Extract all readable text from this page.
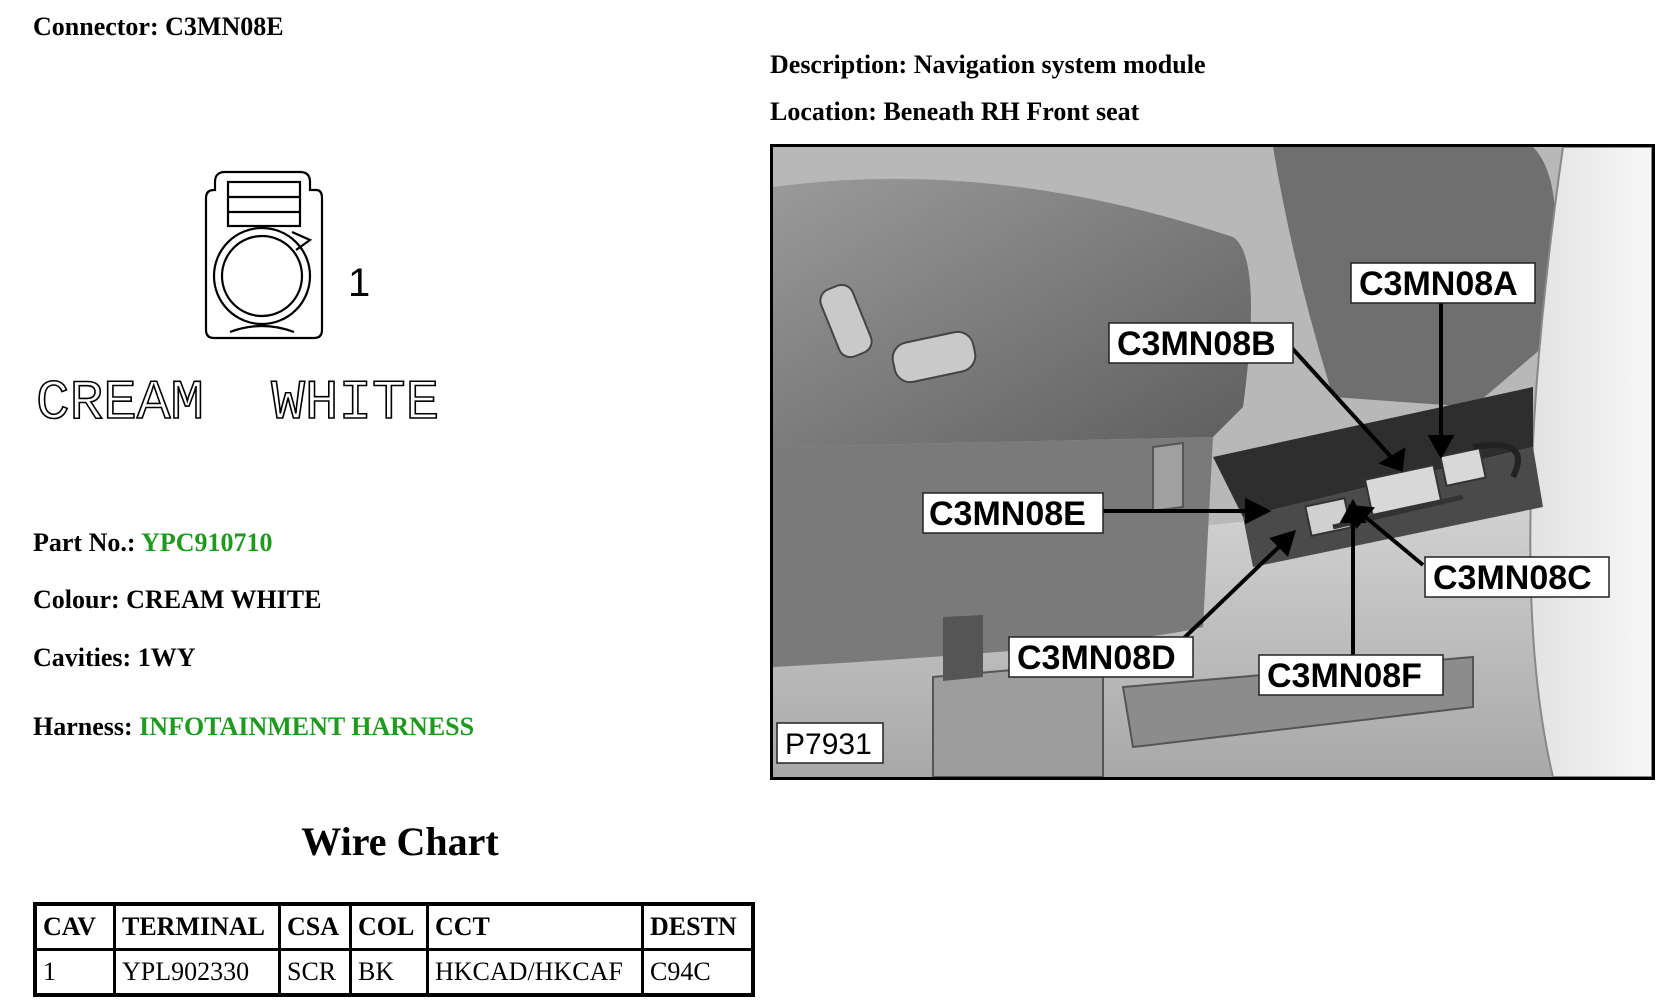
Connector: C3MN08E
Description: Navigation system module
Location: Beneath RH Front seat
1
CREAM  WHITE
Part No.: YPC910710
Colour: CREAM WHITE
Cavities: 1WY
Harness: INFOTAINMENT HARNESS
Wire Chart
CAV	TERMINAL	CSA	COL	CCT	DESTN
1	YPL902330	SCR	BK	HKCAD/HKCAF	C94C
C3MN08A
C3MN08B
C3MN08E
C3MN08C
C3MN08D	C3MN08F
P7931
